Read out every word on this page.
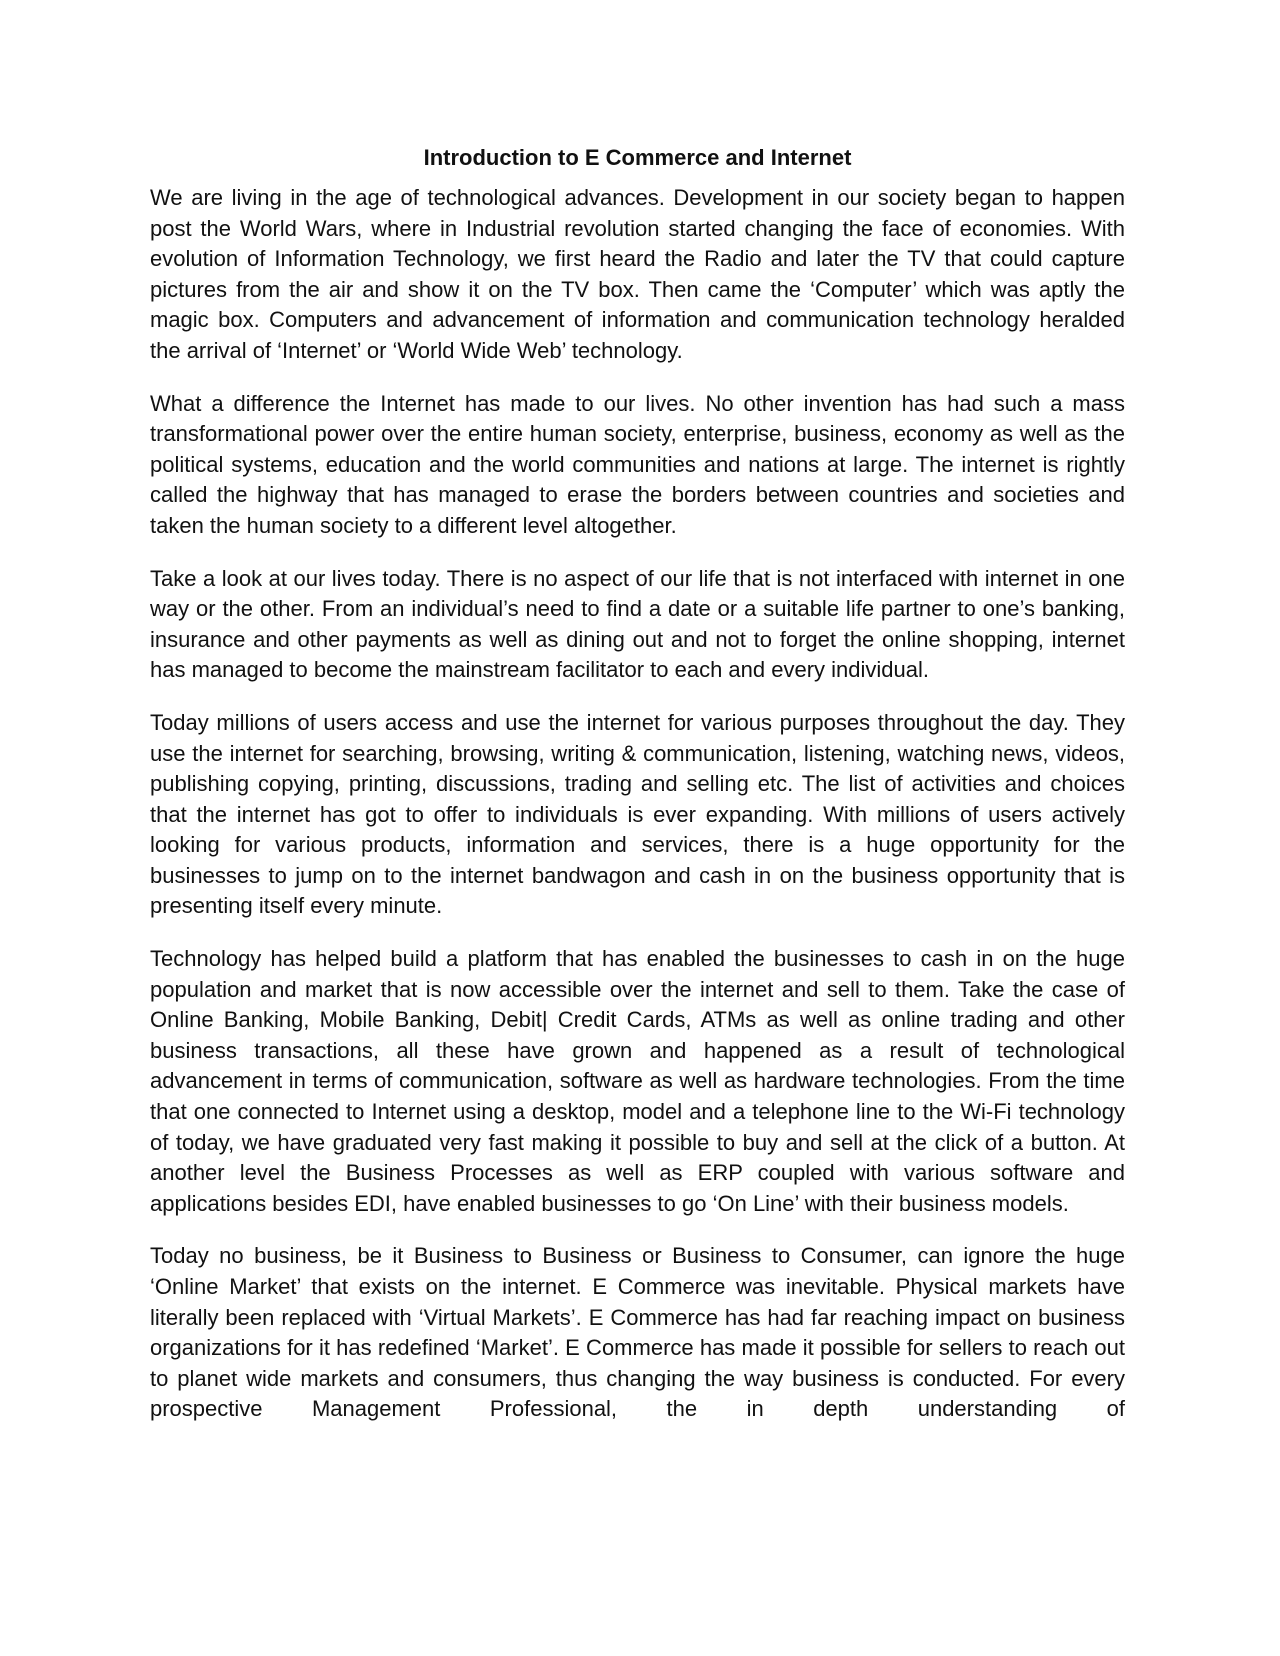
Introduction to E Commerce and Internet

We are living in the age of technological advances. Development in our society began to happen post the World Wars, where in Industrial revolution started changing the face of economies. With evolution of Information Technology, we first heard the Radio and later the TV that could capture pictures from the air and show it on the TV box. Then came the ‘Computer’ which was aptly the magic box. Computers and advancement of information and communication technology heralded the arrival of ‘Internet’ or ‘World Wide Web’ technology.

What a difference the Internet has made to our lives. No other invention has had such a mass transformational power over the entire human society, enterprise, business, economy as well as the political systems, education and the world communities and nations at large. The internet is rightly called the highway that has managed to erase the borders between countries and societies and taken the human society to a different level altogether.

Take a look at our lives today. There is no aspect of our life that is not interfaced with internet in one way or the other. From an individual’s need to find a date or a suitable life partner to one’s banking, insurance and other payments as well as dining out and not to forget the online shopping, internet has managed to become the mainstream facilitator to each and every individual.

Today millions of users access and use the internet for various purposes throughout the day. They use the internet for searching, browsing, writing & communication, listening, watching news, videos, publishing copying, printing, discussions, trading and selling etc. The list of activities and choices that the internet has got to offer to individuals is ever expanding. With millions of users actively looking for various products, information and services, there is a huge opportunity for the businesses to jump on to the internet bandwagon and cash in on the business opportunity that is presenting itself every minute.

Technology has helped build a platform that has enabled the businesses to cash in on the huge population and market that is now accessible over the internet and sell to them. Take the case of Online Banking, Mobile Banking, Debit| Credit Cards, ATMs as well as online trading and other business transactions, all these have grown and happened as a result of technological advancement in terms of communication, software as well as hardware technologies. From the time that one connected to Internet using a desktop, model and a telephone line to the Wi-Fi technology of today, we have graduated very fast making it possible to buy and sell at the click of a button. At another level the Business Processes as well as ERP coupled with various software and applications besides EDI, have enabled businesses to go ‘On Line’ with their business models.

Today no business, be it Business to Business or Business to Consumer, can ignore the huge ‘Online Market’ that exists on the internet. E Commerce was inevitable. Physical markets have literally been replaced with ‘Virtual Markets’. E Commerce has had far reaching impact on business organizations for it has redefined ‘Market’. E Commerce has made it possible for sellers to reach out to planet wide markets and consumers, thus changing the way business is conducted. For every prospective Management Professional, the in depth understanding of
